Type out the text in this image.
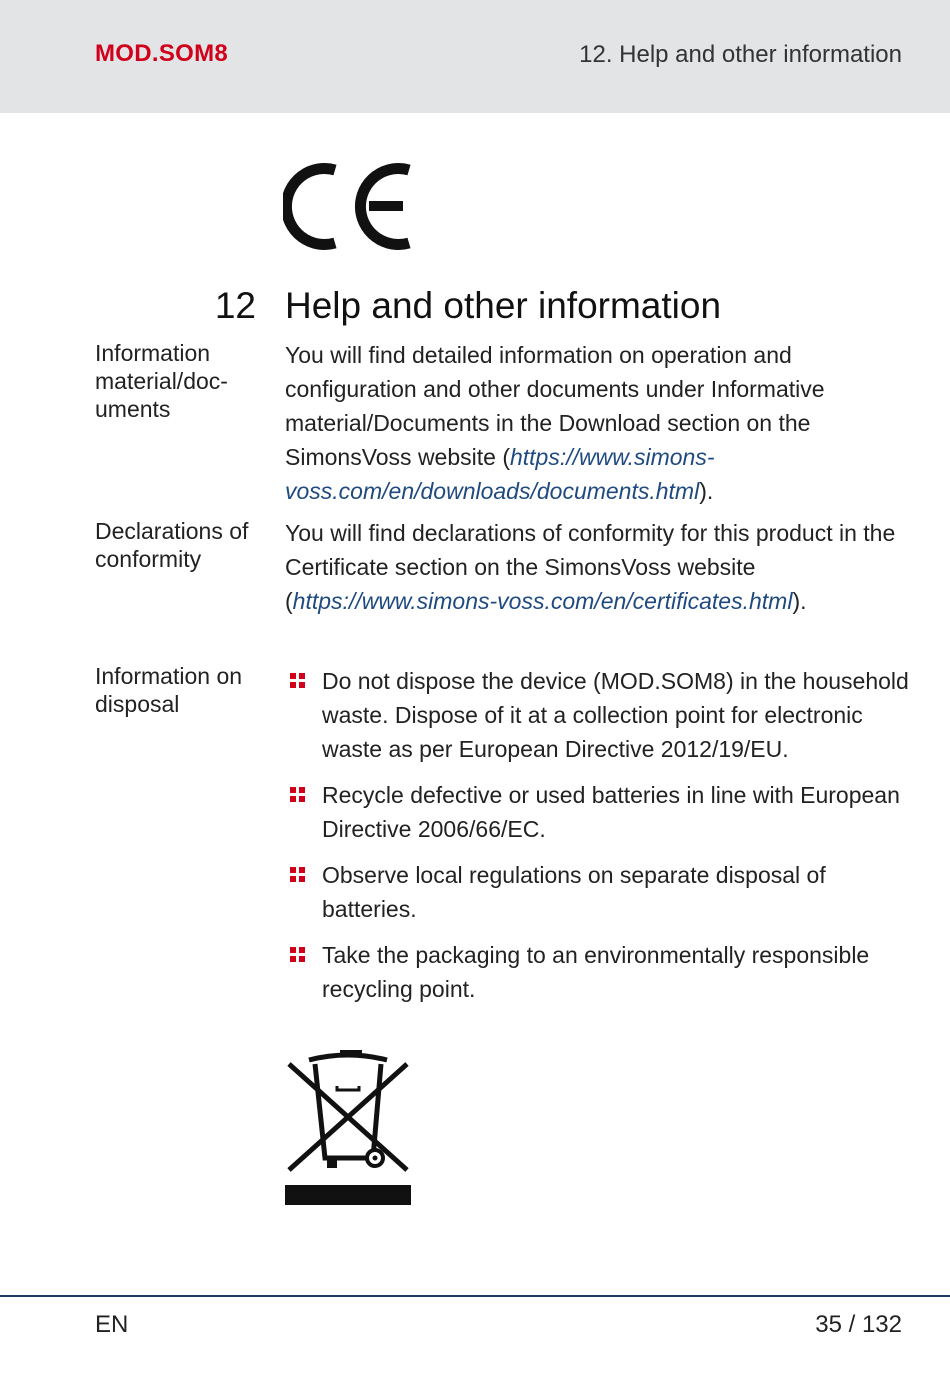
MOD.SOM8	12. Help and other information
12 Help and other information
Information material/documents
You will find detailed information on operation and configuration and other documents under Informative material/Documents in the Download section on the SimonsVoss website (https://www.simons-voss.com/en/downloads/documents.html).
Declarations of conformity
You will find declarations of conformity for this product in the Certificate section on the SimonsVoss website (https://www.simons-voss.com/en/certificates.html).
Information on disposal
Do not dispose the device (MOD.SOM8) in the household waste. Dispose of it at a collection point for electronic waste as per European Directive 2012/19/EU.
Recycle defective or used batteries in line with European Directive 2006/66/EC.
Observe local regulations on separate disposal of batteries.
Take the packaging to an environmentally responsible recycling point.
EN	35 / 132
